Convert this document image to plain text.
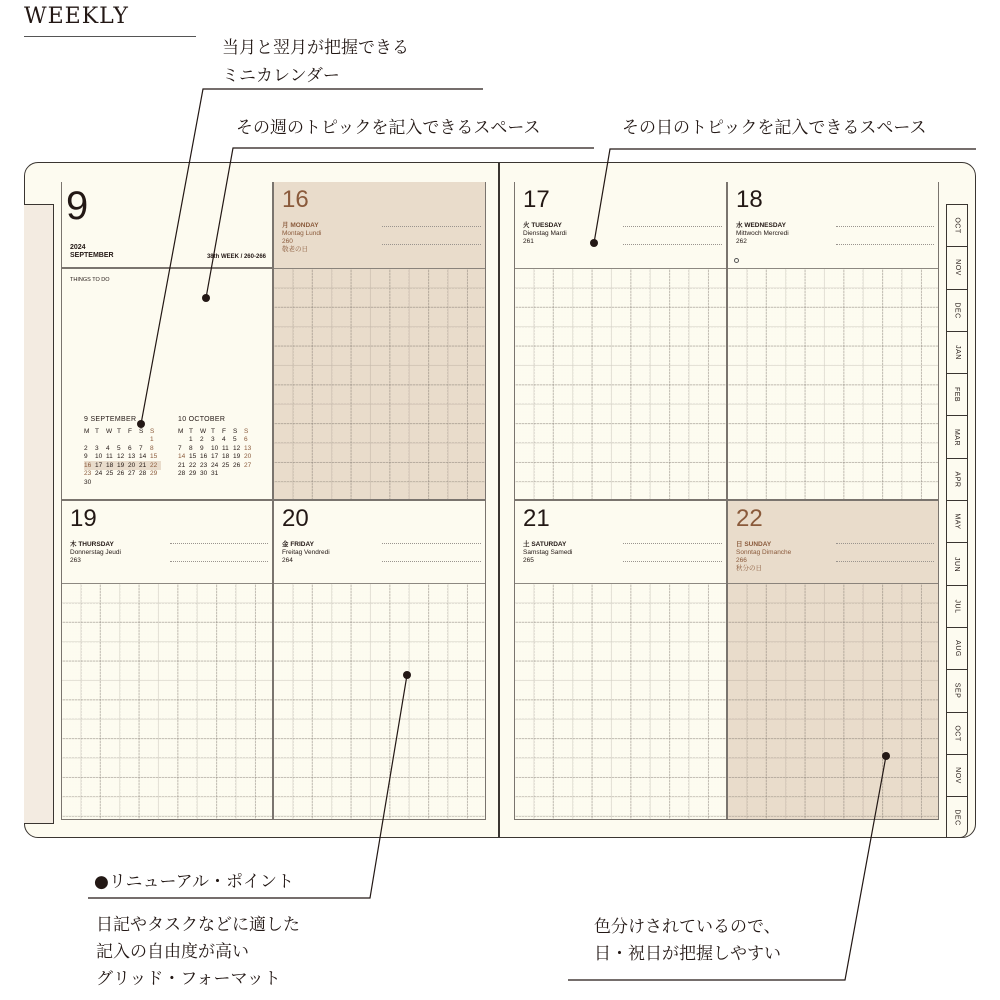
WEEKLY
当月と翌月が把握できる
ミニカレンダー
その週のトピックを記入できるスペース	その日のトピックを記入できるスペース
9
2024
SEPTEMBER	38th WEEK / 260-266
THINGS TO DO
9 SEPTEMBER
M	T	W	T	F	S	S
						1
2	3	4	5	6	7	8
9	10	11	12	13	14	15
16	17	18	19	20	21	22
23	24	25	26	27	28	29
30						
10 OCTOBER
M	T	W	T	F	S	S
	1	2	3	4	5	6
7	8	9	10	11	12	13
14	15	16	17	18	19	20
21	22	23	24	25	26	27
28	29	30	31			
16
月 MONDAY
Montag Lundi
260
敬老の日
17
火 TUESDAY
Dienstag Mardi
261
18
水 WEDNESDAY
Mittwoch Mercredi
262
19
木 THURSDAY
Donnerstag Jeudi
263
20
金 FRIDAY
Freitag Vendredi
264
21
土 SATURDAY
Samstag Samedi
265
22
日 SUNDAY
Sonntag Dimanche
266
秋分の日
OCT
NOV
DEC
JAN
FEB
MAR
APR
MAY
JUN
JUL
AUG
SEP
OCT
NOV
DEC
●リニューアル・ポイント
日記やタスクなどに適した
記入の自由度が高い
グリッド・フォーマット
色分けされているので、
日・祝日が把握しやすい
